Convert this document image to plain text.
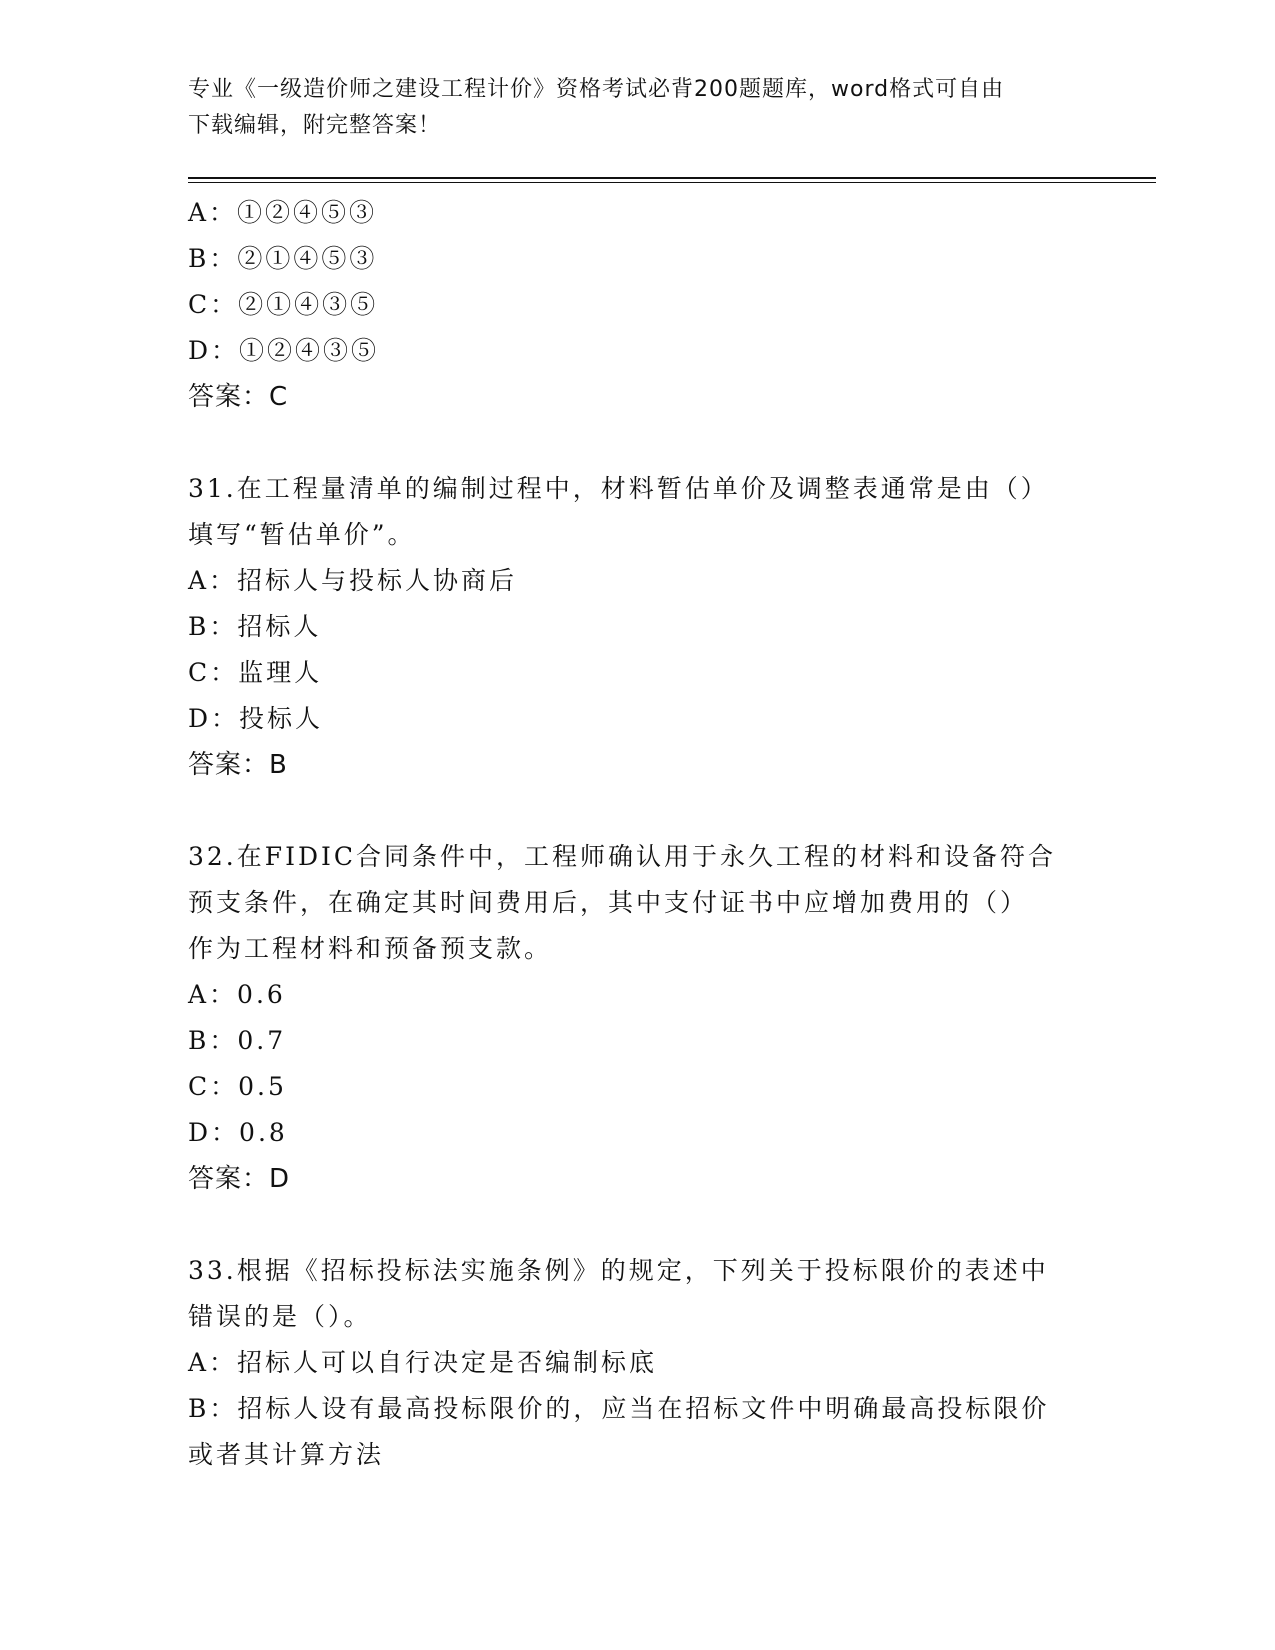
专业《一级造价师之建设工程计价》资格考试必背200题题库，word格式可自由
下载编辑，附完整答案！
A：①②④⑤③
B：②①④⑤③
C：②①④③⑤
D：①②④③⑤
答案：C
31.在工程量清单的编制过程中，材料暂估单价及调整表通常是由（）
填写“暂估单价”。
A：招标人与投标人协商后
B：招标人
C：监理人
D：投标人
答案：B
32.在FIDIC合同条件中，工程师确认用于永久工程的材料和设备符合
预支条件，在确定其时间费用后，其中支付证书中应增加费用的（）
作为工程材料和预备预支款。
A：0.6
B：0.7
C：0.5
D：0.8
答案：D
33.根据《招标投标法实施条例》的规定，下列关于投标限价的表述中
错误的是（）。
A：招标人可以自行决定是否编制标底
B：招标人设有最高投标限价的，应当在招标文件中明确最高投标限价
或者其计算方法
